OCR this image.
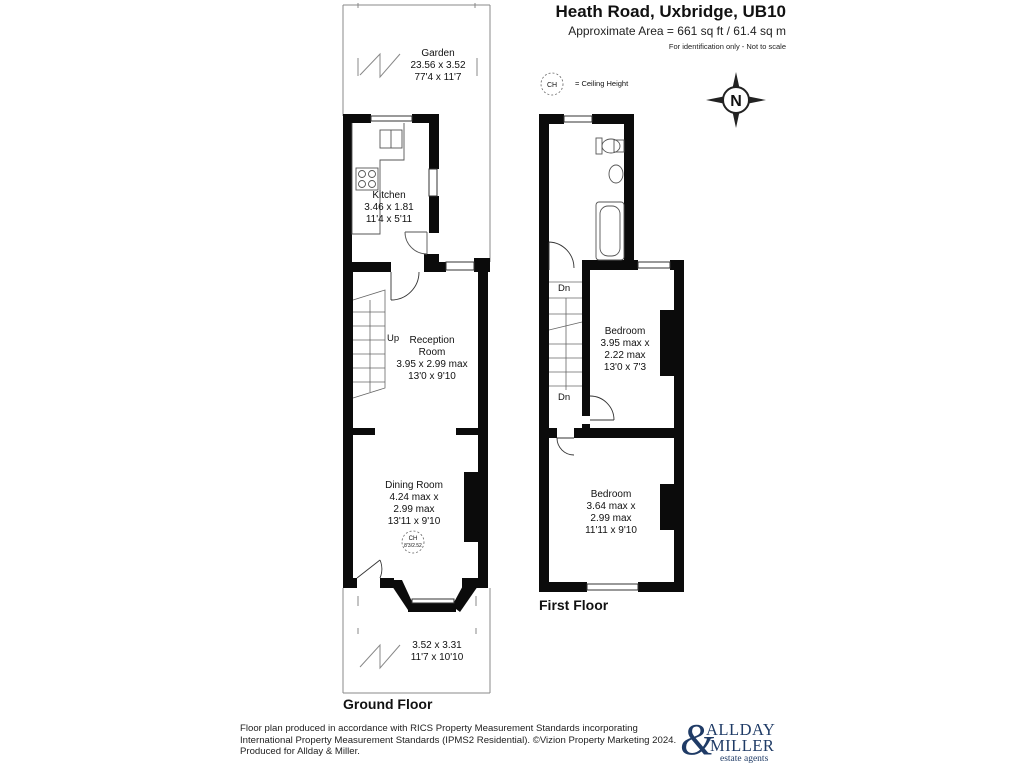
Heath Road, Uxbridge, UB10
Approximate Area = 661 sq ft / 61.4 sq m
For identification only - Not to scale
CH = Ceiling Height
N
Garden
23.56 x 3.52
77'4 x 11'7
Kitchen
3.46 x 1.81
11'4 x 5'11
Up Reception
Room
3.95 x 2.99 max
13'0 x 9'10
Dining Room
4.24 max x
2.99 max
13'11 x 9'10
CH
8'3/2.52
3.52 x 3.31
11'7 x 10'10
Ground Floor
Dn
Dn
Bedroom
3.95 max x
2.22 max
13'0 x 7'3
Bedroom
3.64 max x
2.99 max
11'11 x 9'10
First Floor
Floor plan produced in accordance with RICS Property Measurement Standards incorporating
International Property Measurement Standards (IPMS2 Residential). ©Vizion Property Marketing 2024.
Produced for Allday & Miller.	&
ALLDAY
MILLER
estate agents
